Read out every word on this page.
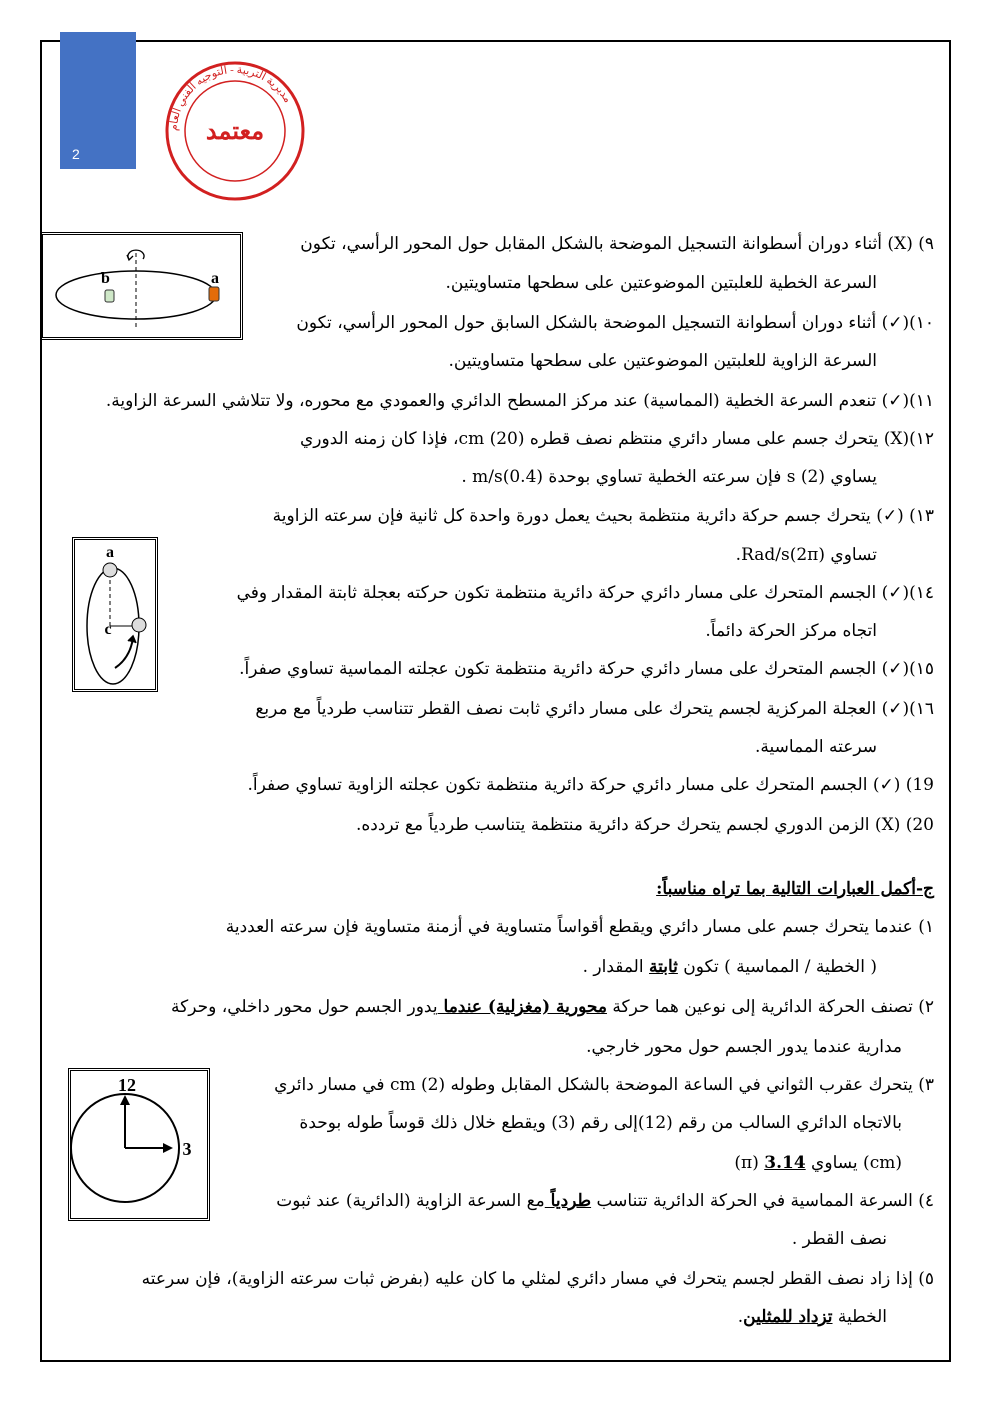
2
مديرية التربية - التوجيه الفني العام
معتمد
b	a
a
c
12
3
٩) (X) أثناء دوران أسطوانة التسجيل الموضحة بالشكل المقابل حول المحور الرأسي، تكون
السرعة الخطية للعلبتين الموضوعتين على سطحها متساويتين.
١٠)(✓) أثناء دوران أسطوانة التسجيل الموضحة بالشكل السابق حول المحور الرأسي، تكون
السرعة الزاوية للعلبتين الموضوعتين على سطحها متساويتين.
١١)(✓) تنعدم السرعة الخطية (المماسية) عند مركز المسطح الدائري والعمودي مع محوره، ولا تتلاشي السرعة الزاوية.
١٢)(X) يتحرك جسم على مسار دائري منتظم نصف قطره cm (20)، فإذا كان زمنه الدوري
يساوي s (2) فإن سرعته الخطية تساوي بوحدة m/s(0.4) .
١٣) (✓) يتحرك جسم حركة دائرية منتظمة بحيث يعمل دورة واحدة كل ثانية فإن سرعته الزاوية
تساوي Rad/s(2π).
١٤)(✓) الجسم المتحرك على مسار دائري حركة دائرية منتظمة تكون حركته بعجلة ثابتة المقدار وفي
اتجاه مركز الحركة دائماً.
١٥)(✓) الجسم المتحرك على مسار دائري حركة دائرية منتظمة تكون عجلته المماسية تساوي صفراً.
١٦)(✓) العجلة المركزية لجسم يتحرك على مسار دائري ثابت نصف القطر تتناسب طردياً مع مربع
سرعته المماسية.
19) (✓) الجسم المتحرك على مسار دائري حركة دائرية منتظمة تكون عجلته الزاوية تساوي صفراً.
20) (X) الزمن الدوري لجسم يتحرك حركة دائرية منتظمة يتناسب طردياً مع تردده.
ج-أكمل العبارات التالية بما تراه مناسباً:
١) عندما يتحرك جسم على مسار دائري ويقطع أقواساً متساوية في أزمنة متساوية فإن سرعته العددية
( الخطية / المماسية ) تكون ثابتة المقدار .
٢) تصنف الحركة الدائرية إلى نوعين هما حركة محورية (مغزلية) عندما يدور الجسم حول محور داخلي، وحركة
مدارية عندما يدور الجسم حول محور خارجي.
٣) يتحرك عقرب الثواني في الساعة الموضحة بالشكل المقابل وطوله cm (2) في مسار دائري
بالاتجاه الدائري السالب من رقم (12)إلى رقم (3) ويقطع خلال ذلك قوساً طوله بوحدة
(cm) يساوي 3.14 (π)
٤) السرعة المماسية في الحركة الدائرية تتناسب طردياً مع السرعة الزاوية (الدائرية) عند ثبوت
نصف القطر .
٥) إذا زاد نصف القطر لجسم يتحرك في مسار دائري لمثلي ما كان عليه (بفرض ثبات سرعته الزاوية)، فإن سرعته
الخطية تزداد للمثلين.
